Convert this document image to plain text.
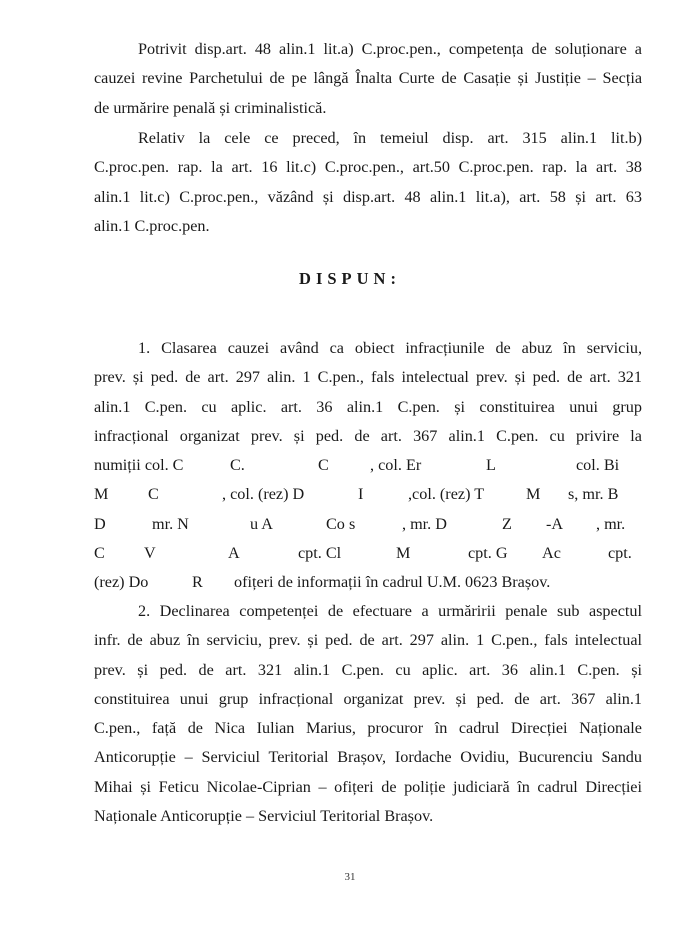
Potrivit disp.art. 48 alin.1 lit.a) C.proc.pen., competența de soluționare a
cauzei revine Parchetului de pe lângă Înalta Curte de Casație și Justiție – Secția
de urmărire penală și criminalistică.
Relativ la cele ce preced, în temeiul disp. art. 315 alin.1 lit.b)
C.proc.pen. rap. la art. 16 lit.c) C.proc.pen., art.50 C.proc.pen. rap. la art. 38
alin.1 lit.c) C.proc.pen., văzând și disp.art. 48 alin.1 lit.a), art. 58 și art. 63
alin.1 C.proc.pen.
DISPUN:
1. Clasarea cauzei având ca obiect infracțiunile de abuz în serviciu,
prev. și ped. de art. 297 alin. 1 C.pen., fals intelectual prev. și ped. de art. 321
alin.1 C.pen. cu aplic. art. 36 alin.1 C.pen. și constituirea unui grup
infracțional organizat prev. și ped. de art. 367 alin.1 C.pen. cu privire la
numiții col. C	C.	C	, col. Er	L	col. Bi
M C	, col. (rez) D	I	,col. (rez) T	M s, mr. B
D	mr. N	u A	Co s	, mr. D	Z -A , mr.
C V	A	cpt. Cl	M	cpt. G Ac	cpt.
(rez) Do	R ofițeri de informații în cadrul U.M. 0623 Brașov.
2. Declinarea competenței de efectuare a urmăririi penale sub aspectul
infr. de abuz în serviciu, prev. și ped. de art. 297 alin. 1 C.pen., fals intelectual
prev. și ped. de art. 321 alin.1 C.pen. cu aplic. art. 36 alin.1 C.pen. și
constituirea unui grup infracțional organizat prev. și ped. de art. 367 alin.1
C.pen., față de Nica Iulian Marius, procuror în cadrul Direcției Naționale
Anticorupție – Serviciul Teritorial Brașov, Iordache Ovidiu, Bucurenciu Sandu
Mihai și Feticu Nicolae-Ciprian – ofițeri de poliție judiciară în cadrul Direcției
Naționale Anticorupție – Serviciul Teritorial Brașov.
31
